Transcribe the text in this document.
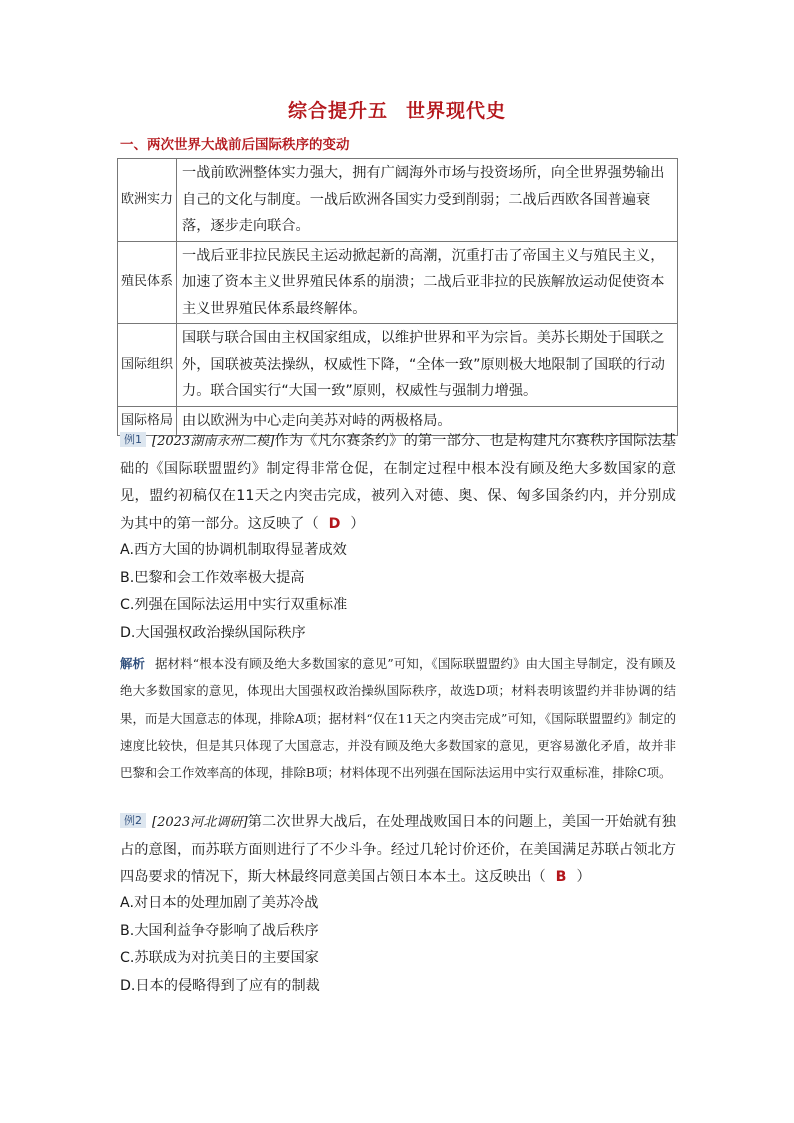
综合提升五 世界现代史
一、两次世界大战前后国际秩序的变动
欧洲实力	一战前欧洲整体实力强大，拥有广阔海外市场与投资场所，向全世界强势输出自己的文化与制度。一战后欧洲各国实力受到削弱；二战后西欧各国普遍衰落，逐步走向联合。
殖民体系	一战后亚非拉民族民主运动掀起新的高潮，沉重打击了帝国主义与殖民主义，加速了资本主义世界殖民体系的崩溃；二战后亚非拉的民族解放运动促使资本主义世界殖民体系最终解体。
国际组织	国联与联合国由主权国家组成，以维护世界和平为宗旨。美苏长期处于国联之外，国联被英法操纵，权威性下降，“全体一致”原则极大地限制了国联的行动力。联合国实行“大国一致”原则，权威性与强制力增强。
国际格局	由以欧洲为中心走向美苏对峙的两极格局。
例1 [2023湖南永州二模]作为《凡尔赛条约》的第一部分、也是构建凡尔赛秩序国际法基础的《国际联盟盟约》制定得非常仓促，在制定过程中根本没有顾及绝大多数国家的意见，盟约初稿仅在11天之内突击完成，被列入对德、奥、保、匈多国条约内，并分别成为其中的第一部分。这反映了（ D ）
A.西方大国的协调机制取得显著成效
B.巴黎和会工作效率极大提高
C.列强在国际法运用中实行双重标准
D.大国强权政治操纵国际秩序
解析 据材料“根本没有顾及绝大多数国家的意见”可知，《国际联盟盟约》由大国主导制定，没有顾及绝大多数国家的意见，体现出大国强权政治操纵国际秩序，故选D项；材料表明该盟约并非协调的结果，而是大国意志的体现，排除A项；据材料“仅在11天之内突击完成”可知，《国际联盟盟约》制定的速度比较快，但是其只体现了大国意志，并没有顾及绝大多数国家的意见，更容易激化矛盾，故并非巴黎和会工作效率高的体现，排除B项；材料体现不出列强在国际法运用中实行双重标准，排除C项。
例2 [2023河北调研]第二次世界大战后，在处理战败国日本的问题上，美国一开始就有独占的意图，而苏联方面则进行了不少斗争。经过几轮讨价还价，在美国满足苏联占领北方四岛要求的情况下，斯大林最终同意美国占领日本本土。这反映出（ B ）
A.对日本的处理加剧了美苏冷战
B.大国利益争夺影响了战后秩序
C.苏联成为对抗美日的主要国家
D.日本的侵略得到了应有的制裁
